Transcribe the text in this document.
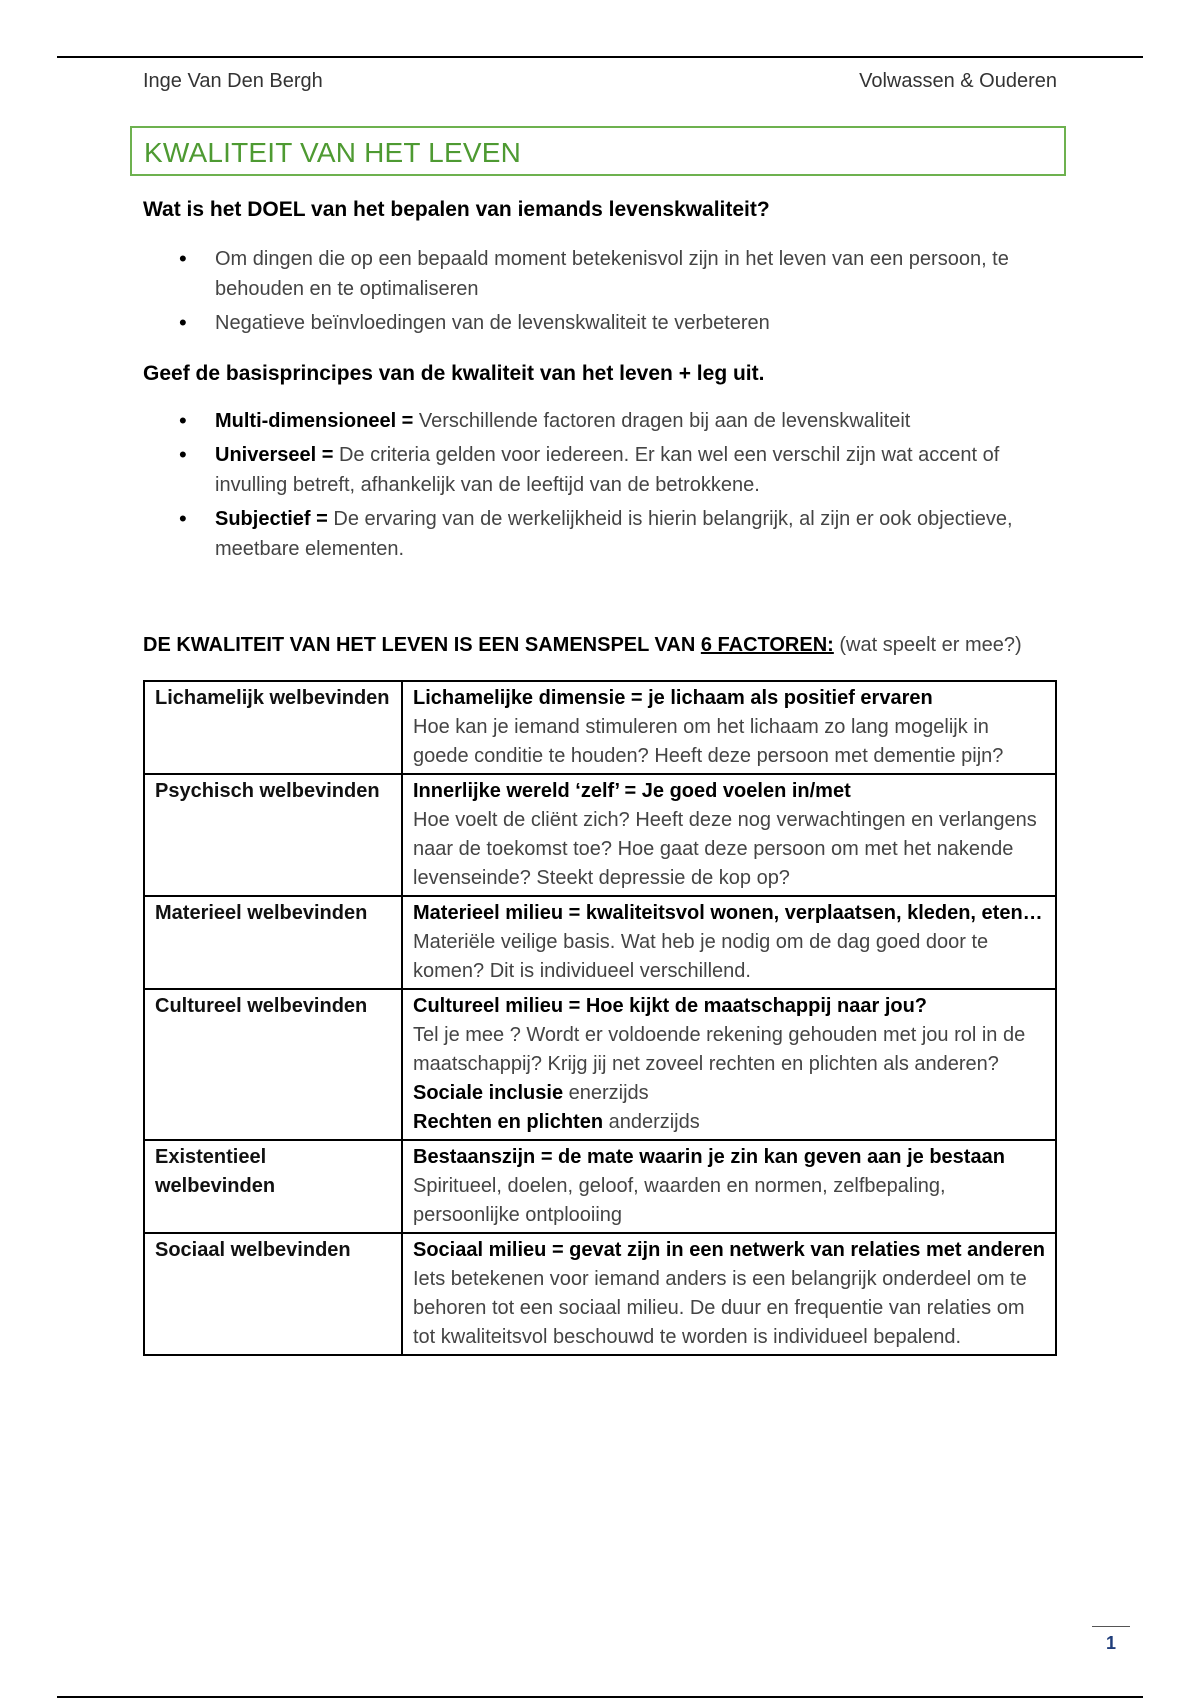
Inge Van Den Bergh	Volwassen & Ouderen
KWALITEIT VAN HET LEVEN
Wat is het DOEL van het bepalen van iemands levenskwaliteit?
• Om dingen die op een bepaald moment betekenisvol zijn in het leven van een persoon, te behouden en te optimaliseren
• Negatieve beïnvloedingen van de levenskwaliteit te verbeteren
Geef de basisprincipes van de kwaliteit van het leven + leg uit.
• Multi-dimensioneel = Verschillende factoren dragen bij aan de levenskwaliteit
• Universeel = De criteria gelden voor iedereen. Er kan wel een verschil zijn wat accent of invulling betreft, afhankelijk van de leeftijd van de betrokkene.
• Subjectief = De ervaring van de werkelijkheid is hierin belangrijk, al zijn er ook objectieve, meetbare elementen.
DE KWALITEIT VAN HET LEVEN IS EEN SAMENSPEL VAN 6 FACTOREN: (wat speelt er mee?)
Lichamelijk welbevinden	Lichamelijke dimensie = je lichaam als positief ervaren
Hoe kan je iemand stimuleren om het lichaam zo lang mogelijk in goede conditie te houden? Heeft deze persoon met dementie pijn?

Psychisch welbevinden	Innerlijke wereld ‘zelf’ = Je goed voelen in/met
Hoe voelt de cliënt zich? Heeft deze nog verwachtingen en verlangens naar de toekomst toe? Hoe gaat deze persoon om met het nakende levenseinde? Steekt depressie de kop op?

Materieel welbevinden	Materieel milieu = kwaliteitsvol wonen, verplaatsen, kleden, eten…
Materiële veilige basis. Wat heb je nodig om de dag goed door te komen? Dit is individueel verschillend.

Cultureel welbevinden	Cultureel milieu = Hoe kijkt de maatschappij naar jou?
Tel je mee ? Wordt er voldoende rekening gehouden met jou rol in de maatschappij? Krijg jij net zoveel rechten en plichten als anderen?
Sociale inclusie enerzijds
Rechten en plichten anderzijds

Existentieel welbevinden	Bestaanszijn = de mate waarin je zin kan geven aan je bestaan
Spiritueel, doelen, geloof, waarden en normen, zelfbepaling, persoonlijke ontplooiing

Sociaal welbevinden	Sociaal milieu = gevat zijn in een netwerk van relaties met anderen
Iets betekenen voor iemand anders is een belangrijk onderdeel om te behoren tot een sociaal milieu. De duur en frequentie van relaties om tot kwaliteitsvol beschouwd te worden is individueel bepalend.
1
